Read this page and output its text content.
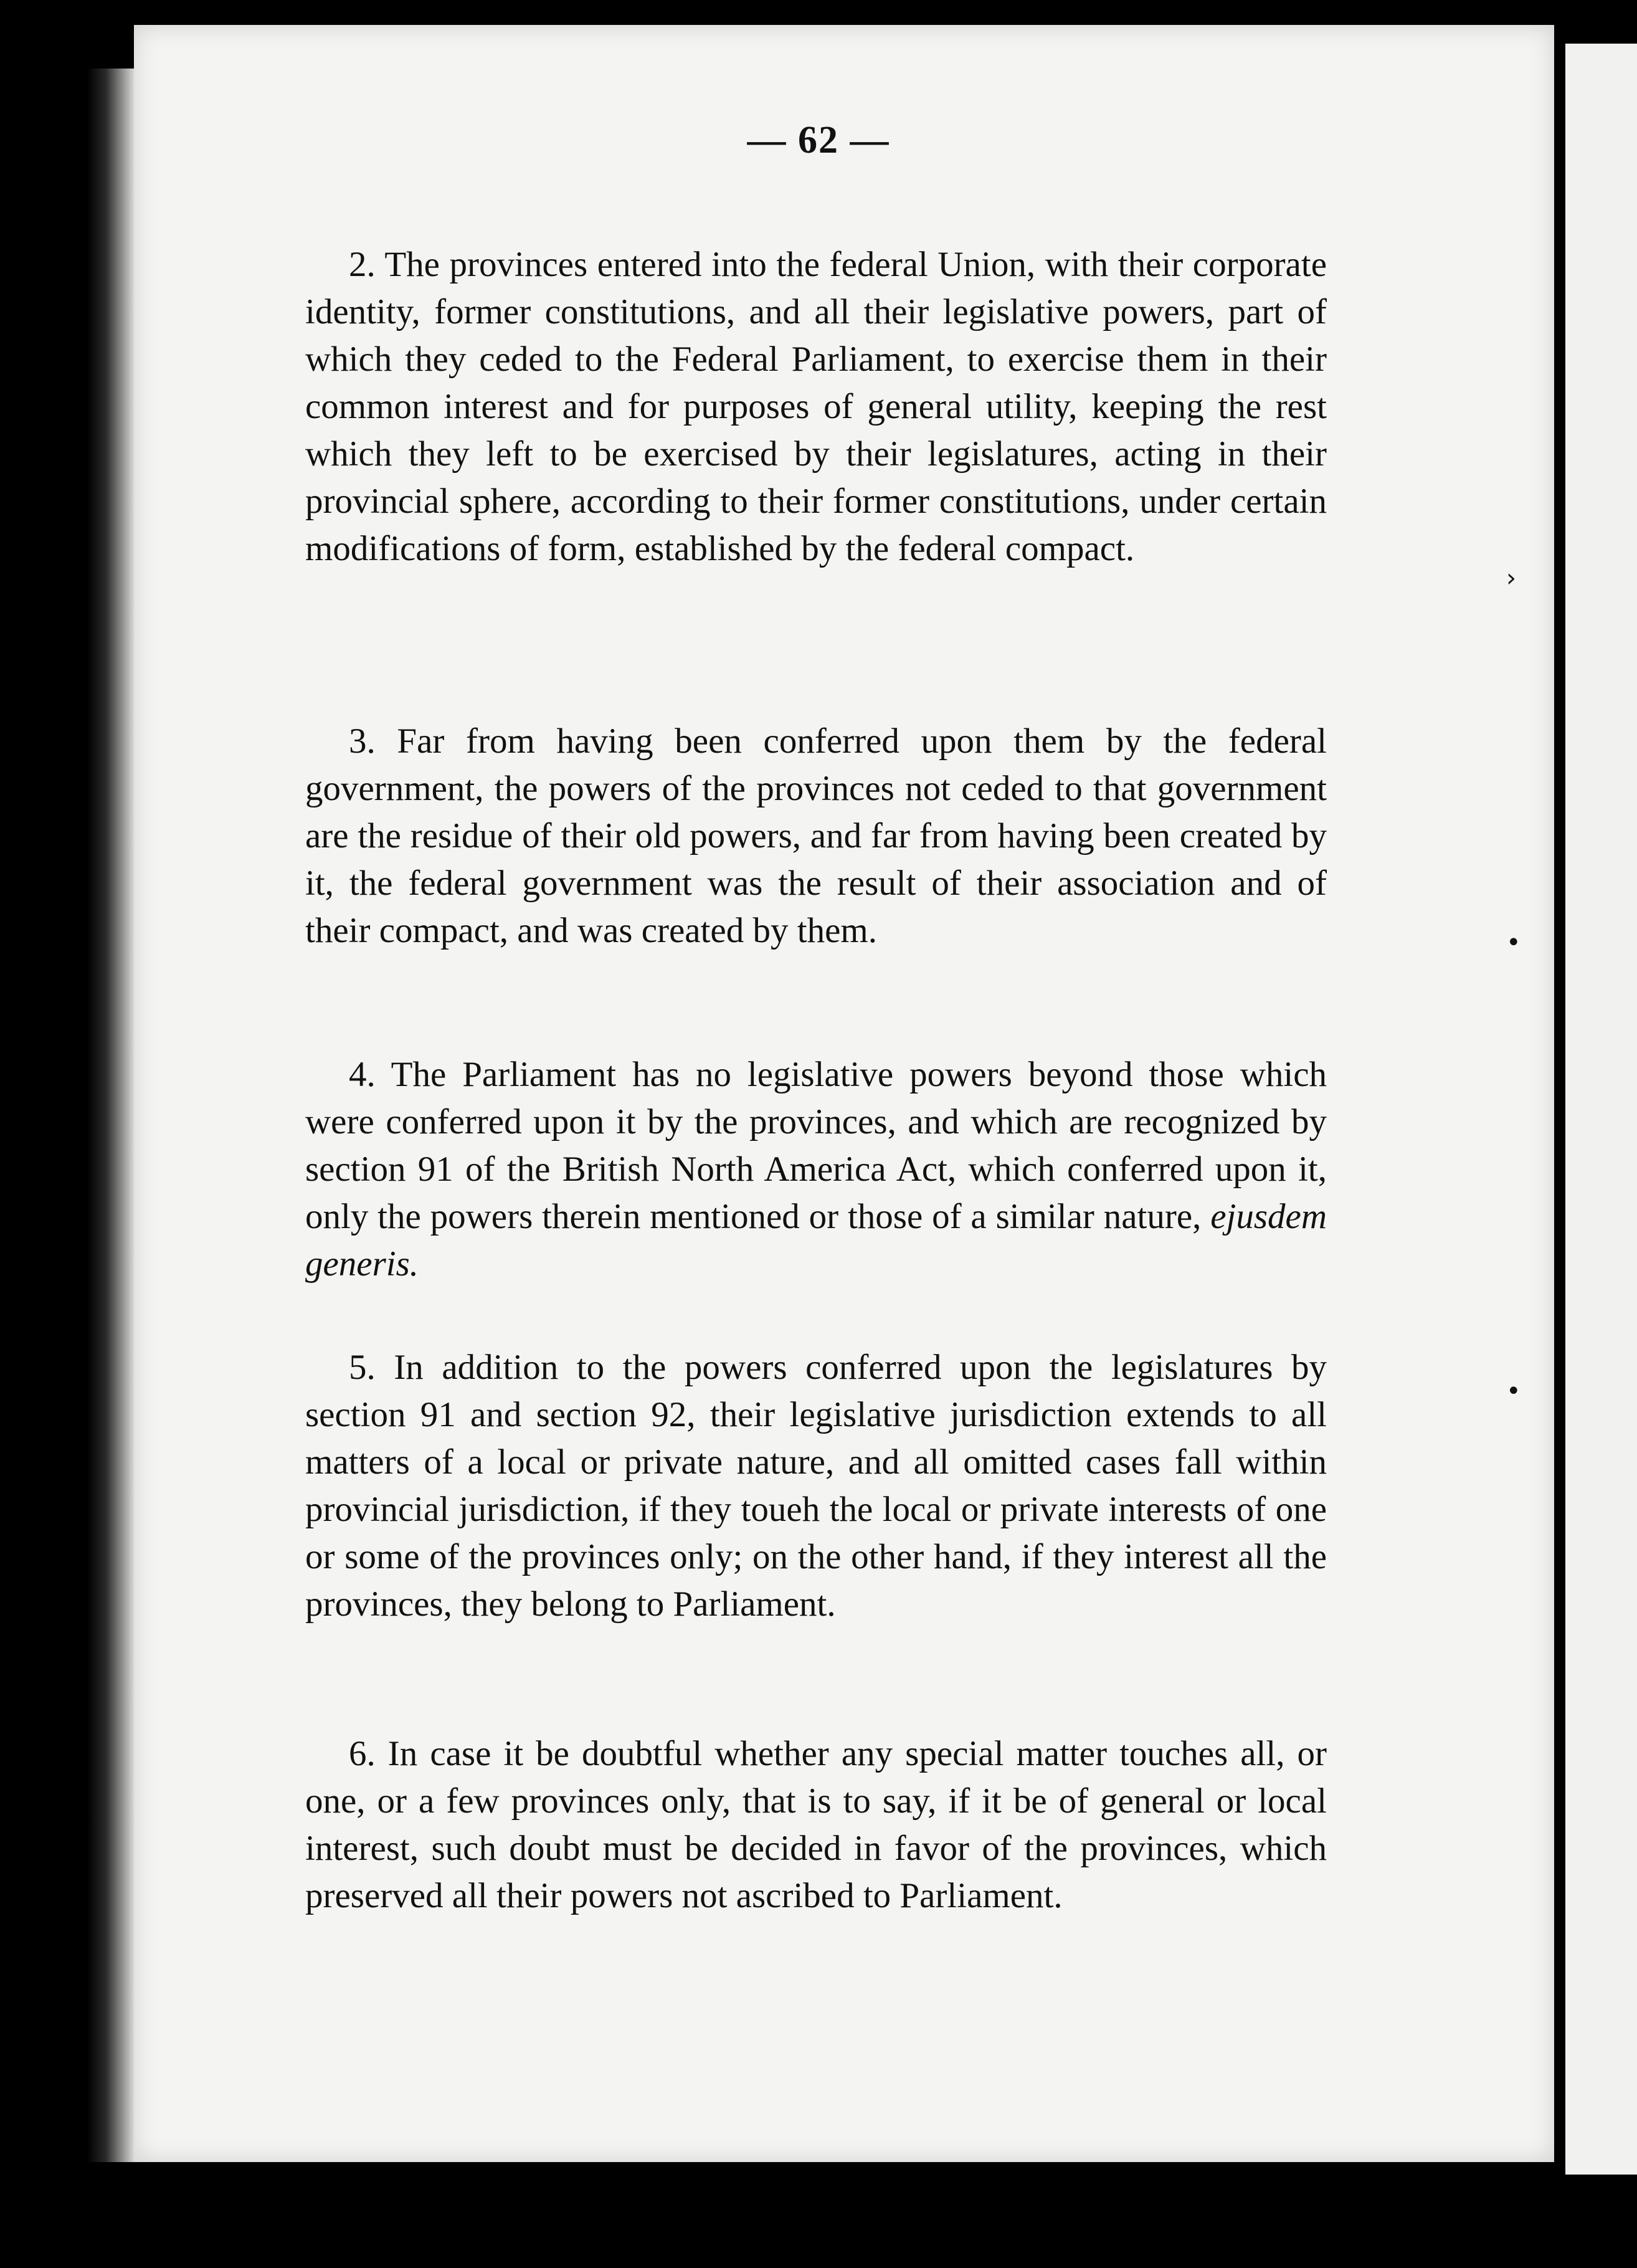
— 62 —

2. The provinces entered into the federal Union, with their corporate identity, former constitutions, and all their legislative powers, part of which they ceded to the Federal Parliament, to exercise them in their common interest and for purposes of general utility, keeping the rest which they left to be exercised by their legislatures, acting in their provincial sphere, according to their former constitutions, under certain modifications of form, established by the federal compact.

3. Far from having been conferred upon them by the federal government, the powers of the provinces not ceded to that government are the residue of their old powers, and far from having been created by it, the federal government was the result of their association and of their compact, and was created by them.

4. The Parliament has no legislative powers beyond those which were conferred upon it by the provinces, and which are recognized by section 91 of the British North America Act, which conferred upon it, only the powers therein mentioned or those of a similar nature, ejusdem generis.

5. In addition to the powers conferred upon the legislatures by section 91 and section 92, their legislative jurisdiction extends to all matters of a local or private nature, and all omitted cases fall within provincial jurisdiction, if they toueh the local or private interests of one or some of the provinces only; on the other hand, if they interest all the provinces, they belong to Parliament.

6. In case it be doubtful whether any special matter touches all, or one, or a few provinces only, that is to say, if it be of general or local interest, such doubt must be decided in favor of the provinces, which preserved all their powers not ascribed to Parliament.

›
•
•
